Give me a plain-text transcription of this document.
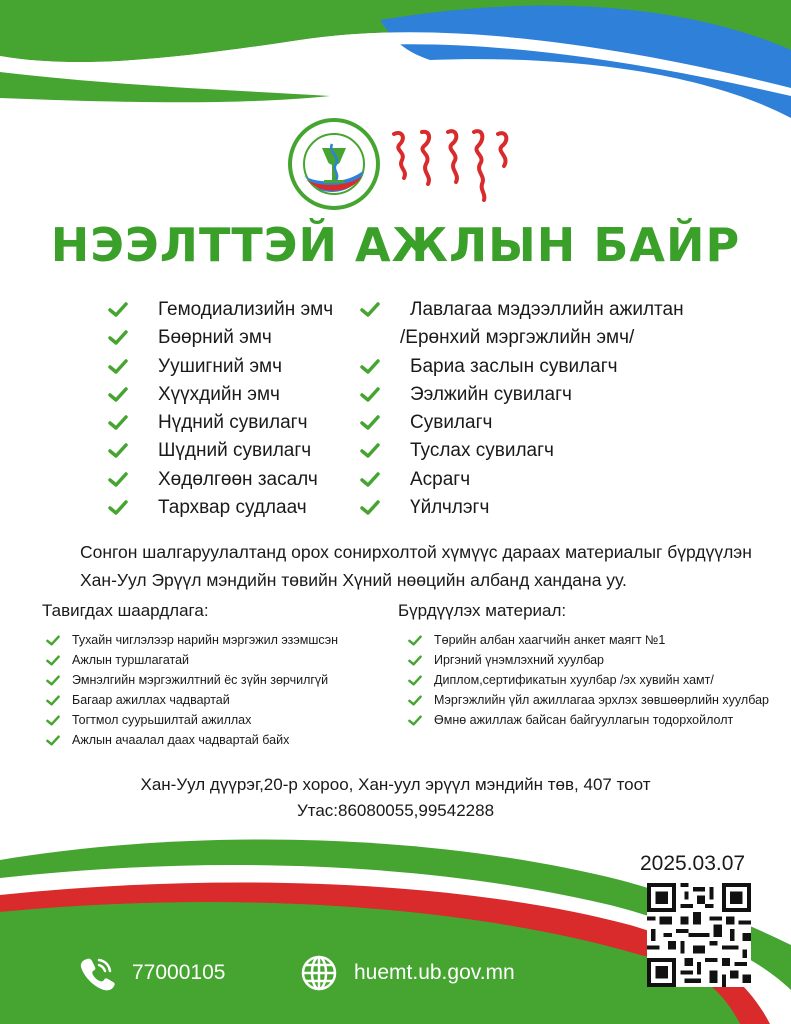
НЭЭЛТТЭЙ АЖЛЫН БАЙР
Гемодиализийн эмч
Бөөрний эмч
Уушигний эмч
Хүүхдийн эмч
Нүдний сувилагч
Шүдний сувилагч
Хөдөлгөөн засалч
Тархвар судлаач
Лавлагаа мэдээллийн ажилтан
/Ерөнхий мэргэжлийн эмч/
Бариа заслын сувилагч
Ээлжийн сувилагч
Сувилагч
Туслах сувилагч
Асрагч
Үйлчлэгч
Сонгон шалгаруулалтанд орох сонирхолтой хүмүүс дараах материалыг бүрдүүлэн
Хан-Уул Эрүүл мэндийн төвийн Хүний нөөцийн албанд хандана уу.
Тавигдах шаардлага:
Тухайн чиглэлээр нарийн мэргэжил эзэмшсэн
Ажлын туршлагатай
Эмнэлгийн мэргэжилтний ёс зүйн зөрчилгүй
Багаар ажиллах чадвартай
Тогтмол суурьшилтай ажиллах
Ажлын ачаалал даах чадвартай байх
Бүрдүүлэх материал:
Төрийн албан хаагчийн анкет маягт №1
Иргэний үнэмлэхний хуулбар
Диплом,сертификатын хуулбар /эх хувийн хамт/
Мэргэжлийн үйл ажиллагаа эрхлэх зөвшөөрлийн хуулбар
Өмнө ажиллаж байсан байгууллагын тодорхойлолт
Хан-Уул дүүрэг,20-р хороо, Хан-уул эрүүл мэндийн төв, 407 тоот
Утас:86080055,99542288
2025.03.07
77000105	huemt.ub.gov.mn
